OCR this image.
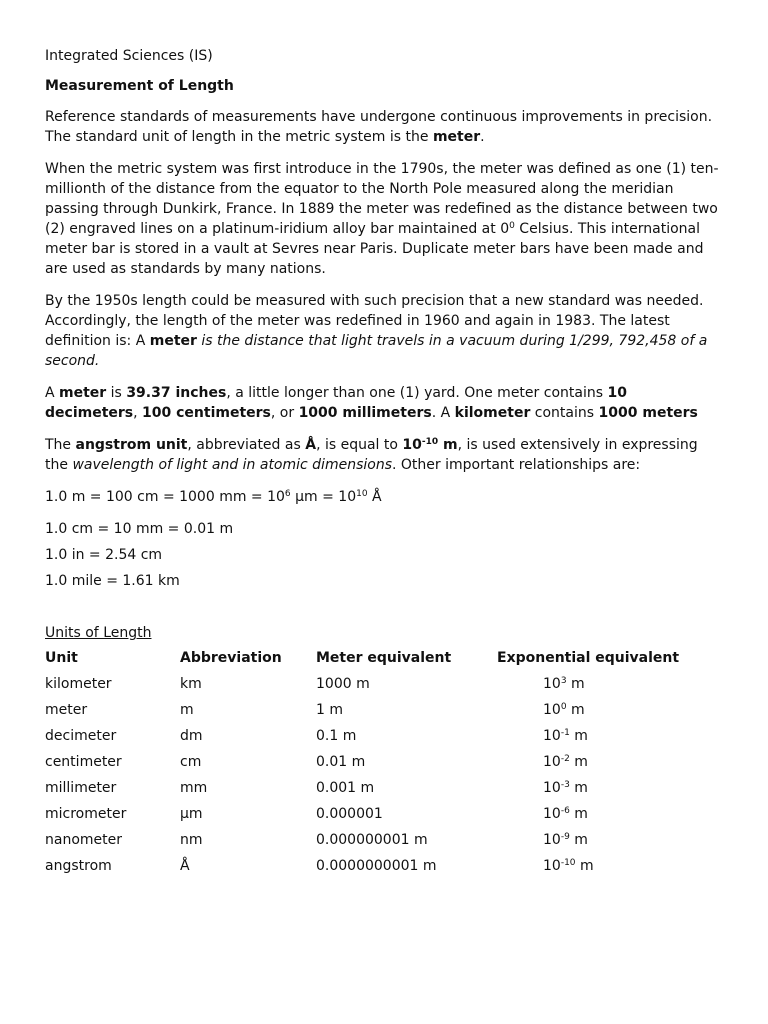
Integrated Sciences (IS)

Measurement of Length

Reference standards of measurements have undergone continuous improvements in precision. The standard unit of length in the metric system is the meter.

When the metric system was first introduce in the 1790s, the meter was defined as one (1) ten-millionth of the distance from the equator to the North Pole measured along the meridian passing through Dunkirk, France. In 1889 the meter was redefined as the distance between two (2) engraved lines on a platinum-iridium alloy bar maintained at $0^0$ Celsius. This international meter bar is stored in a vault at Sevres near Paris. Duplicate meter bars have been made and are used as standards by many nations.

By the 1950s length could be measured with such precision that a new standard was needed. Accordingly, the length of the meter was redefined in 1960 and again in 1983. The latest definition is: A meter is the distance that light travels in a vacuum during 1/299, 792,458 of a second.

A meter is 39.37 inches, a little longer than one (1) yard. One meter contains 10 decimeters, 100 centimeters, or 1000 millimeters. A kilometer contains 1000 meters

The angstrom unit, abbreviated as Å, is equal to $10^{-10}$ m, is used extensively in expressing the wavelength of light and in atomic dimensions. Other important relationships are:

1.0 m = 100 cm = 1000 mm = $10^6$ $\mu m = 10^{10}$ Å

1.0 cm = 10 mm = 0.01 m

1.0 in = 2.54 cm

1.0 mile = 1.61 km

Units of Length

Unit	Abbreviation	Meter equivalent	Exponential equivalent
kilometer	km	1000 m	$10^3$ m
meter	m	1 m	$10^0$ m
decimeter	dm	0.1 m	$10^{-1}$ m
centimeter	cm	0.01 m	$10^{-2}$ m
millimeter	mm	0.001 m	$10^{-3}$ m
micrometer	μm	0.000001	$10^{-6}$ m
nanometer	nm	0.000000001 m	$10^{-9}$ m
angstrom	Å	0.0000000001 m	$10^{-10}$ m
